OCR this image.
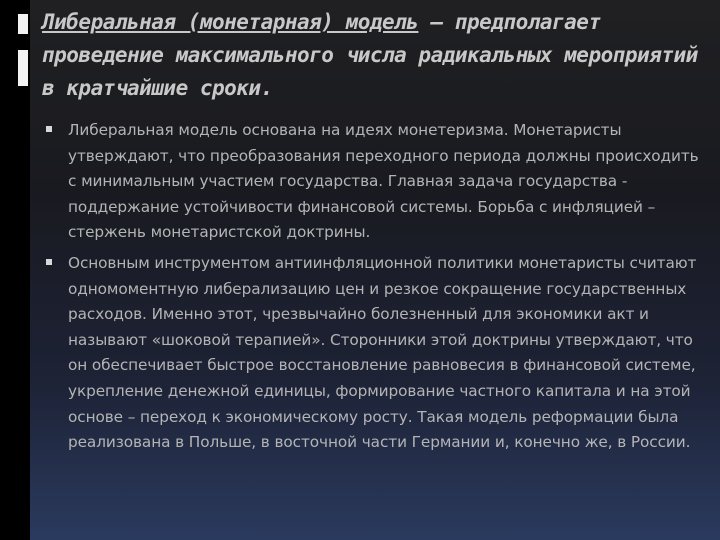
Либеральная (монетарная) модель – предполагает проведение максимального числа радикальных мероприятий в кратчайшие сроки.
Либеральная модель основана на идеях монетеризма. Монетаристы утверждают, что преобразования переходного периода должны происходить с минимальным участием государства. Главная задача государства - поддержание устойчивости финансовой системы. Борьба с инфляцией – стержень монетаристской доктрины.
Основным инструментом антиинфляционной политики монетаристы считают одномоментную либерализацию цен и резкое сокращение государственных расходов. Именно этот, чрезвычайно болезненный для экономики акт и называют «шоковой терапией». Сторонники этой доктрины утверждают, что он обеспечивает быстрое восстановление равновесия в финансовой системе, укрепление денежной единицы, формирование частного капитала и на этой основе – переход к экономическому росту. Такая модель реформации была реализована в Польше, в восточной части Германии и, конечно же, в России.
